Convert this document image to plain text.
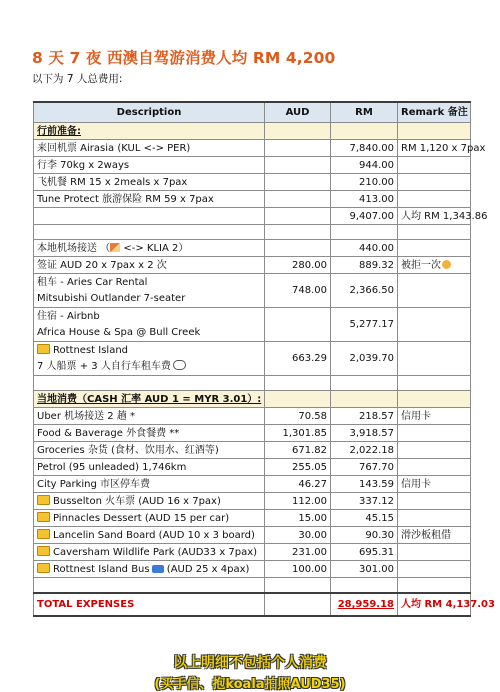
8 天 7 夜 西澳自驾游消费人均 RM 4,200
以下为 7 人总费用:
Description	AUD	RM	Remark 备注
行前准备:			
来回机票 Airasia (KUL <-> PER)		7,840.00	RM 1,120 x 7pax
行李 70kg x 2ways		944.00	
飞机餐 RM 15 x 2meals x 7pax		210.00	
Tune Protect 旅游保险 RM 59 x 7pax		413.00	
		9,407.00	人均 RM 1,343.86

本地机场接送 （ <-> KLIA 2）		440.00	
签证 AUD 20 x 7pax x 2 次	280.00	889.32	被拒一次

租车 - Aries Car Rental
Mitsubishi Outlander 7-seater	748.00	2,366.50	

住宿 - Airbnb
Africa House & Spa @ Bull Creek		5,277.17	

Rottnest Island
7 人船票 + 3 人自行车租车费	663.29	2,039.70	

当地消费（CASH 汇率 AUD 1 = MYR 3.01）:			
Uber 机场接送 2 趟 *	70.58	218.57	信用卡
Food & Baverage 外食餐费 **	1,301.85	3,918.57	
Groceries 杂货 (食材、饮用水、红酒等)	671.82	2,022.18	
Petrol (95 unleaded) 1,746km	255.05	767.70	
City Parking 市区停车费	46.27	143.59	信用卡
Busselton 火车票 (AUD 16 x 7pax)	112.00	337.12	
Pinnacles Dessert (AUD 15 per car)	15.00	45.15	
Lancelin Sand Board (AUD 10 x 3 board)	30.00	90.30	滑沙板租借
Caversham Wildlife Park (AUD33 x 7pax)	231.00	695.31	
Rottnest Island Bus (AUD 25 x 4pax)	100.00	301.00	

TOTAL EXPENSES		28,959.18	人均 RM 4,137.03
以上明细不包括个人消费
(买手信、抱koala拍照AUD35)
